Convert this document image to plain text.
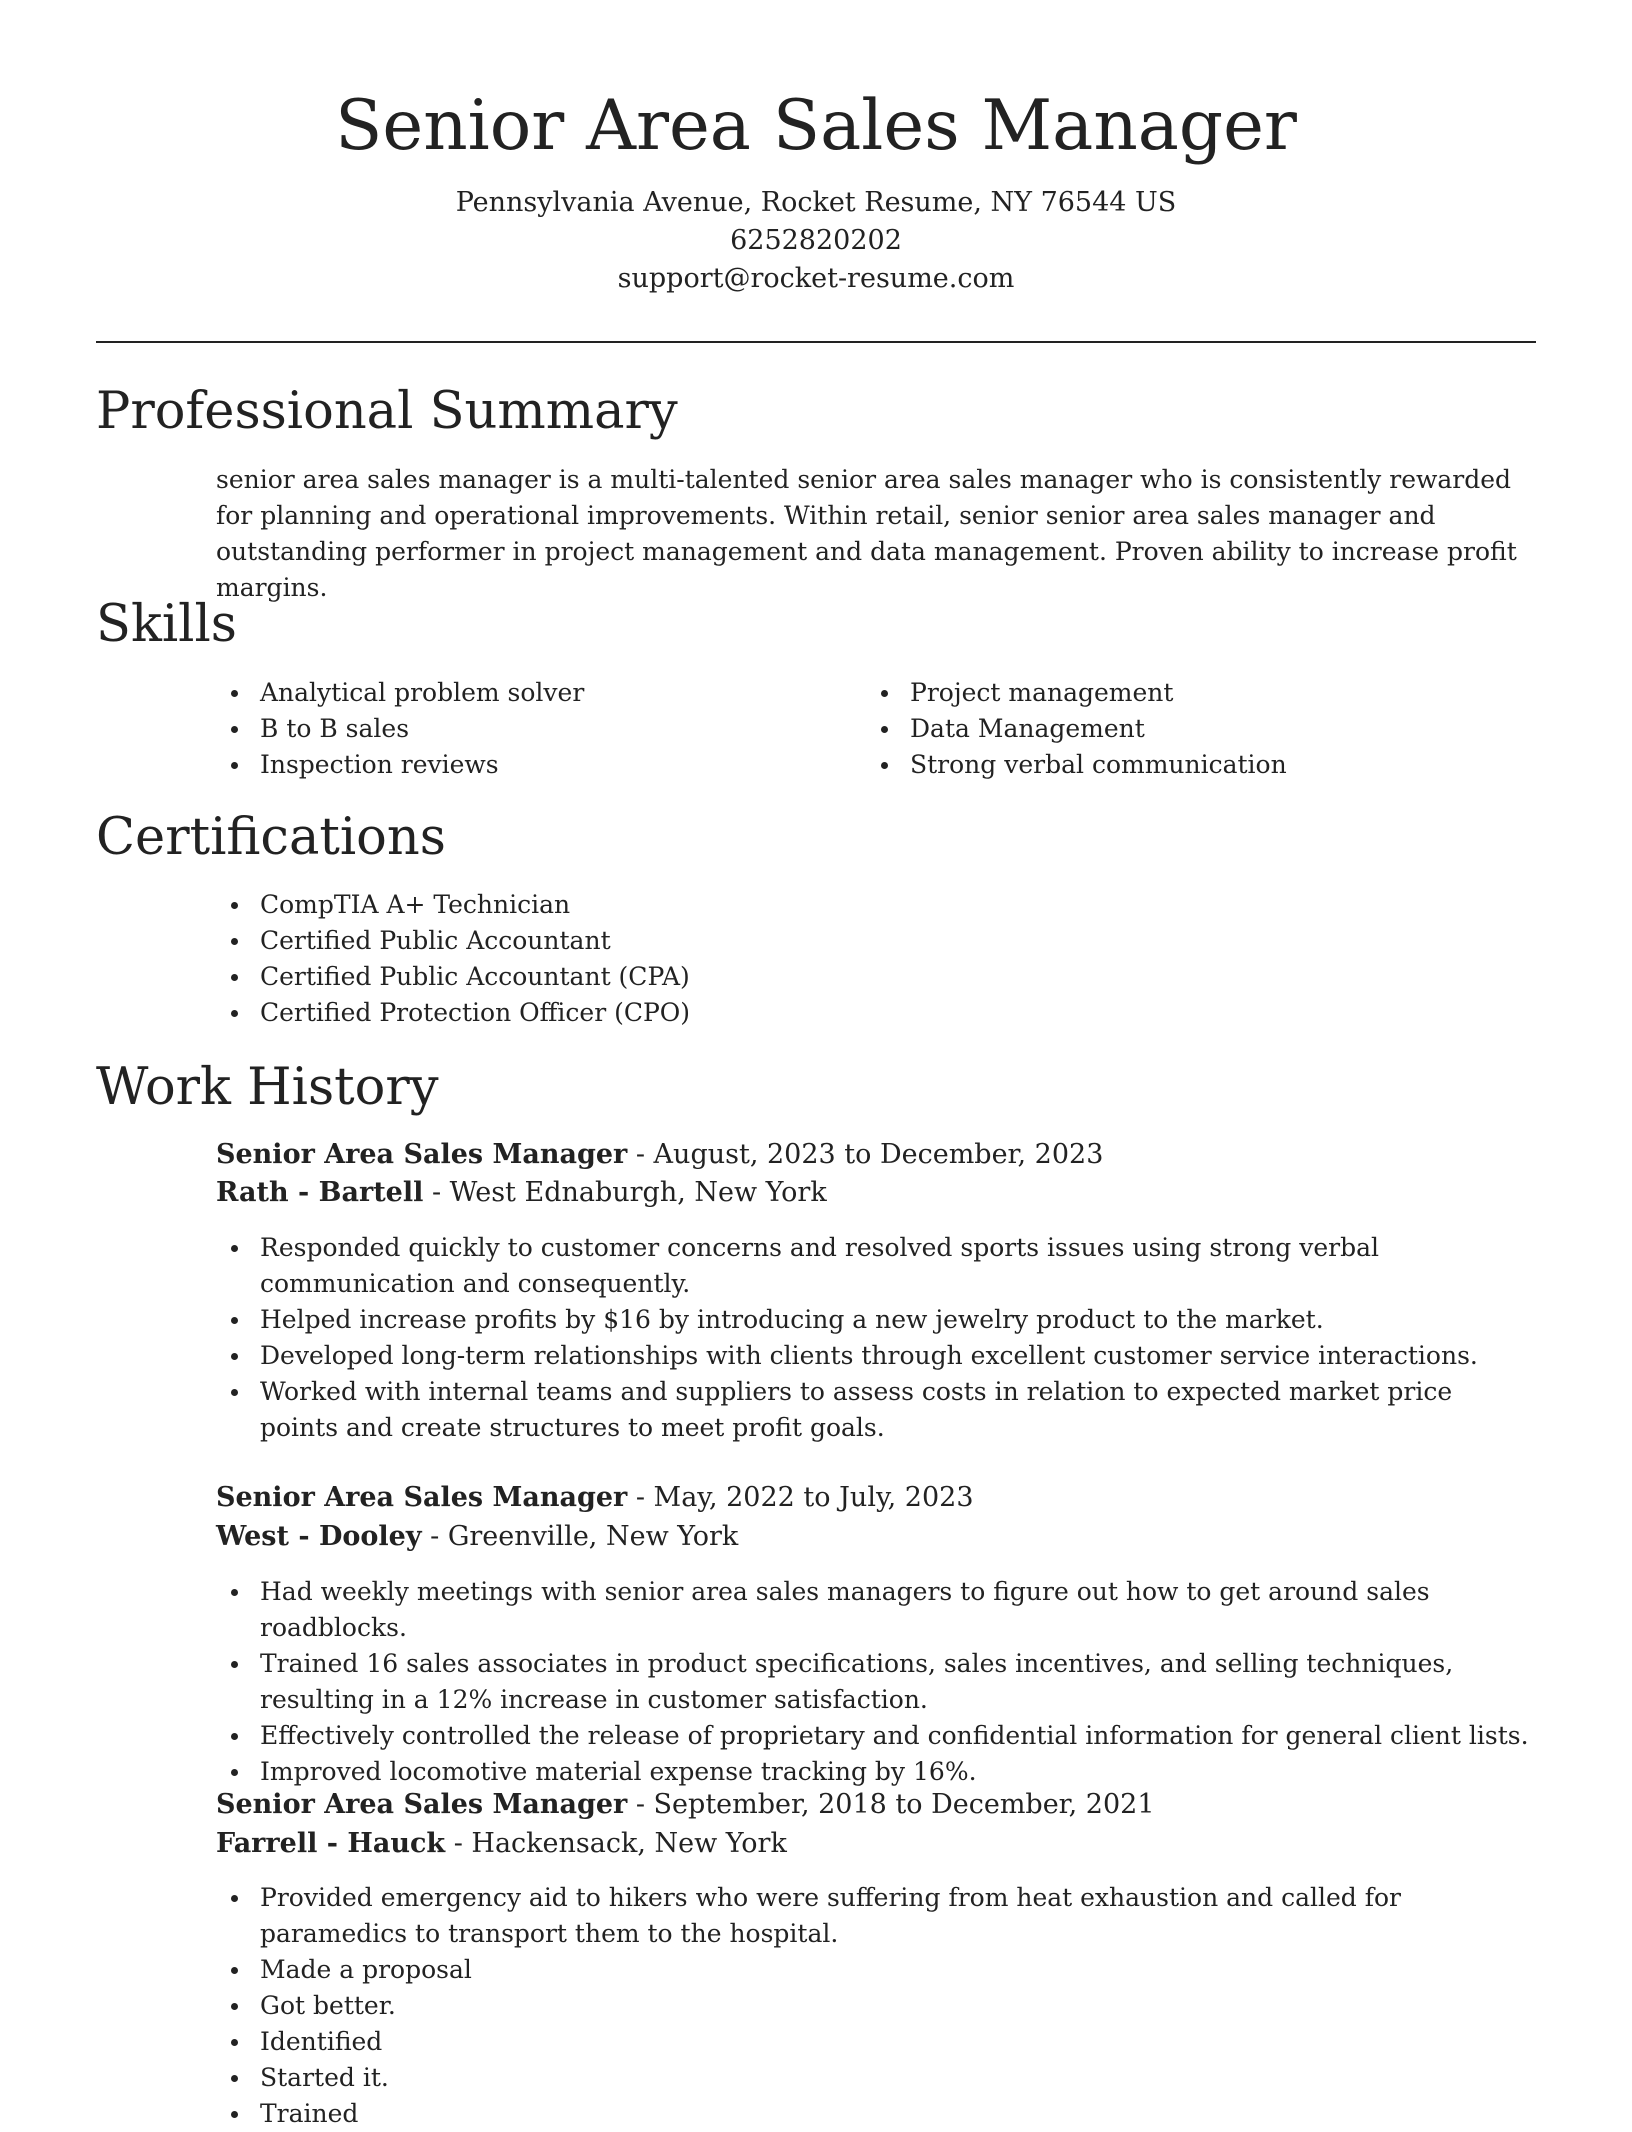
Senior Area Sales Manager
Pennsylvania Avenue, Rocket Resume, NY 76544 US
6252820202
support@rocket-resume.com
Professional Summary
senior area sales manager is a multi-talented senior area sales manager who is consistently rewarded for planning and operational improvements. Within retail, senior senior area sales manager and outstanding performer in project management and data management. Proven ability to increase profit margins.
Skills
Analytical problem solver
B to B sales
Inspection reviews
Project management
Data Management
Strong verbal communication
Certifications
CompTIA A+ Technician
Certified Public Accountant
Certified Public Accountant (CPA)
Certified Protection Officer (CPO)
Work History
Senior Area Sales Manager - August, 2023 to December, 2023
Rath - Bartell - West Ednaburgh, New York
Responded quickly to customer concerns and resolved sports issues using strong verbal communication and consequently.
Helped increase profits by $16 by introducing a new jewelry product to the market.
Developed long-term relationships with clients through excellent customer service interactions.
Worked with internal teams and suppliers to assess costs in relation to expected market price points and create structures to meet profit goals.
Senior Area Sales Manager - May, 2022 to July, 2023
West - Dooley - Greenville, New York
Had weekly meetings with senior area sales managers to figure out how to get around sales roadblocks.
Trained 16 sales associates in product specifications, sales incentives, and selling techniques, resulting in a 12% increase in customer satisfaction.
Effectively controlled the release of proprietary and confidential information for general client lists.
Improved locomotive material expense tracking by 16%.
Senior Area Sales Manager - September, 2018 to December, 2021
Farrell - Hauck - Hackensack, New York
Provided emergency aid to hikers who were suffering from heat exhaustion and called for paramedics to transport them to the hospital.
Made a proposal
Got better.
Identified
Started it.
Trained
